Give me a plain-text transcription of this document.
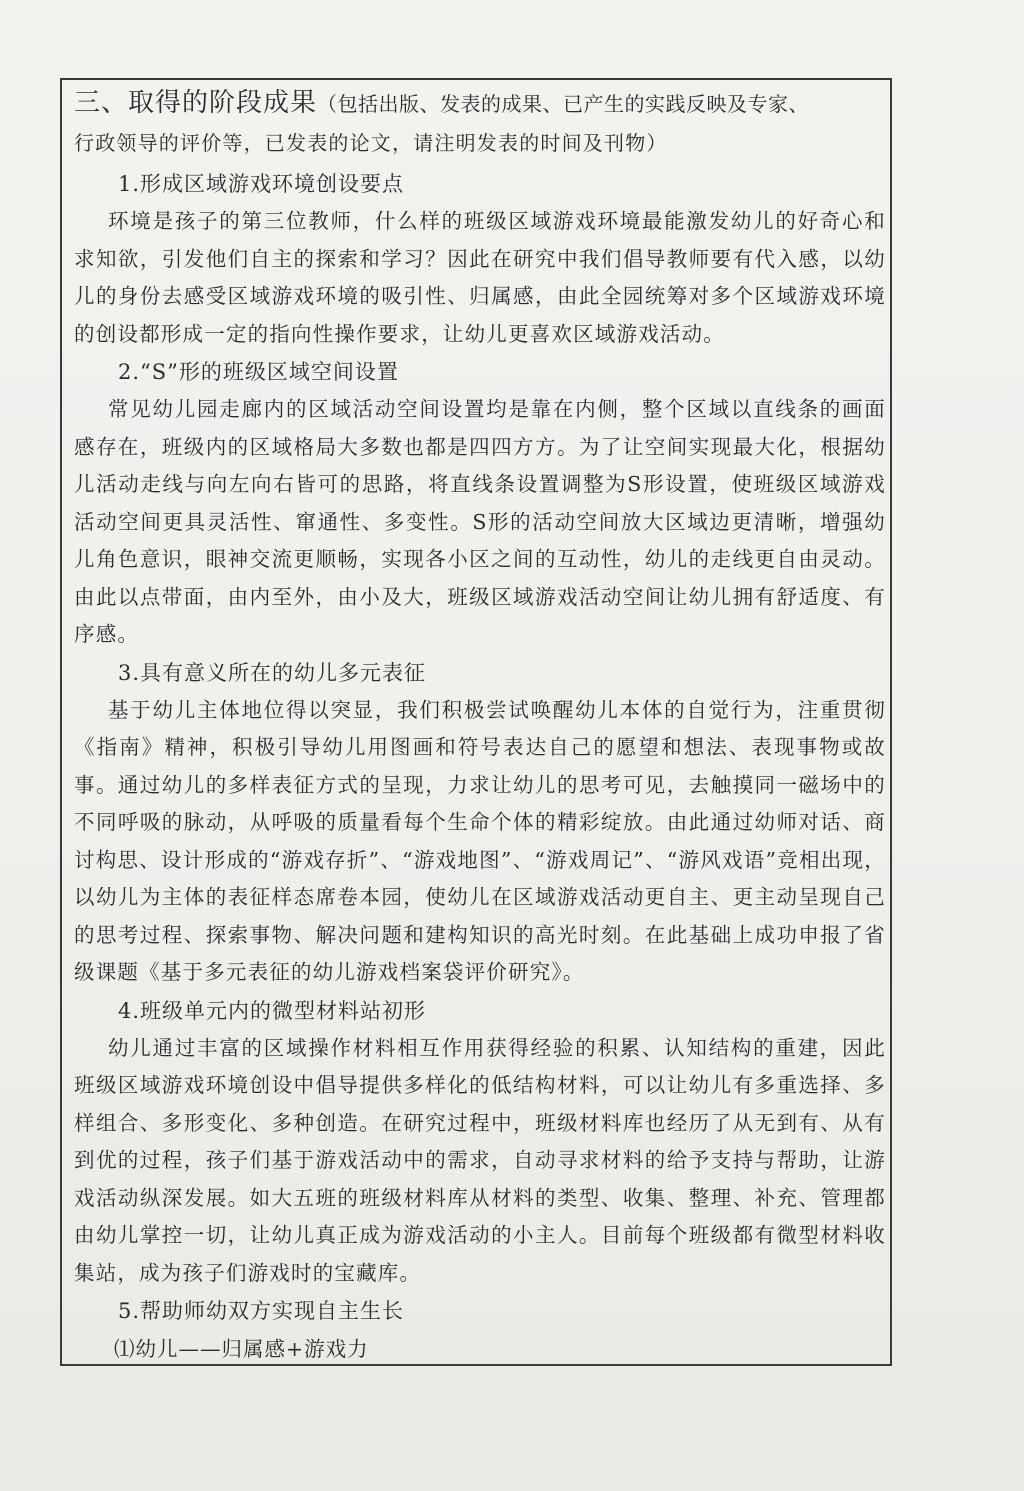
三、取得的阶段成果（包括出版、发表的成果、已产生的实践反映及专家、

行政领导的评价等，已发表的论文，请注明发表的时间及刊物）

1.形成区域游戏环境创设要点

环境是孩子的第三位教师，什么样的班级区域游戏环境最能激发幼儿的好奇心和求知欲，引发他们自主的探索和学习？因此在研究中我们倡导教师要有代入感，以幼儿的身份去感受区域游戏环境的吸引性、归属感，由此全园统筹对多个区域游戏环境的创设都形成一定的指向性操作要求，让幼儿更喜欢区域游戏活动。

2.“S”形的班级区域空间设置

常见幼儿园走廊内的区域活动空间设置均是靠在内侧，整个区域以直线条的画面感存在，班级内的区域格局大多数也都是四四方方。为了让空间实现最大化，根据幼儿活动走线与向左向右皆可的思路，将直线条设置调整为S形设置，使班级区域游戏活动空间更具灵活性、窜通性、多变性。S形的活动空间放大区域边更清晰，增强幼儿角色意识，眼神交流更顺畅，实现各小区之间的互动性，幼儿的走线更自由灵动。由此以点带面，由内至外，由小及大，班级区域游戏活动空间让幼儿拥有舒适度、有序感。

3.具有意义所在的幼儿多元表征

基于幼儿主体地位得以突显，我们积极尝试唤醒幼儿本体的自觉行为，注重贯彻《指南》精神，积极引导幼儿用图画和符号表达自己的愿望和想法、表现事物或故事。通过幼儿的多样表征方式的呈现，力求让幼儿的思考可见，去触摸同一磁场中的不同呼吸的脉动，从呼吸的质量看每个生命个体的精彩绽放。由此通过幼师对话、商讨构思、设计形成的“游戏存折”、“游戏地图”、“游戏周记”、“游风戏语”竞相出现，以幼儿为主体的表征样态席卷本园，使幼儿在区域游戏活动更自主、更主动呈现自己的思考过程、探索事物、解决问题和建构知识的高光时刻。在此基础上成功申报了省级课题《基于多元表征的幼儿游戏档案袋评价研究》。

4.班级单元内的微型材料站初形

幼儿通过丰富的区域操作材料相互作用获得经验的积累、认知结构的重建，因此班级区域游戏环境创设中倡导提供多样化的低结构材料，可以让幼儿有多重选择、多样组合、多形变化、多种创造。在研究过程中，班级材料库也经历了从无到有、从有到优的过程，孩子们基于游戏活动中的需求，自动寻求材料的给予支持与帮助，让游戏活动纵深发展。如大五班的班级材料库从材料的类型、收集、整理、补充、管理都由幼儿掌控一切，让幼儿真正成为游戏活动的小主人。目前每个班级都有微型材料收集站，成为孩子们游戏时的宝藏库。

5.帮助师幼双方实现自主生长

⑴幼儿——归属感+游戏力
